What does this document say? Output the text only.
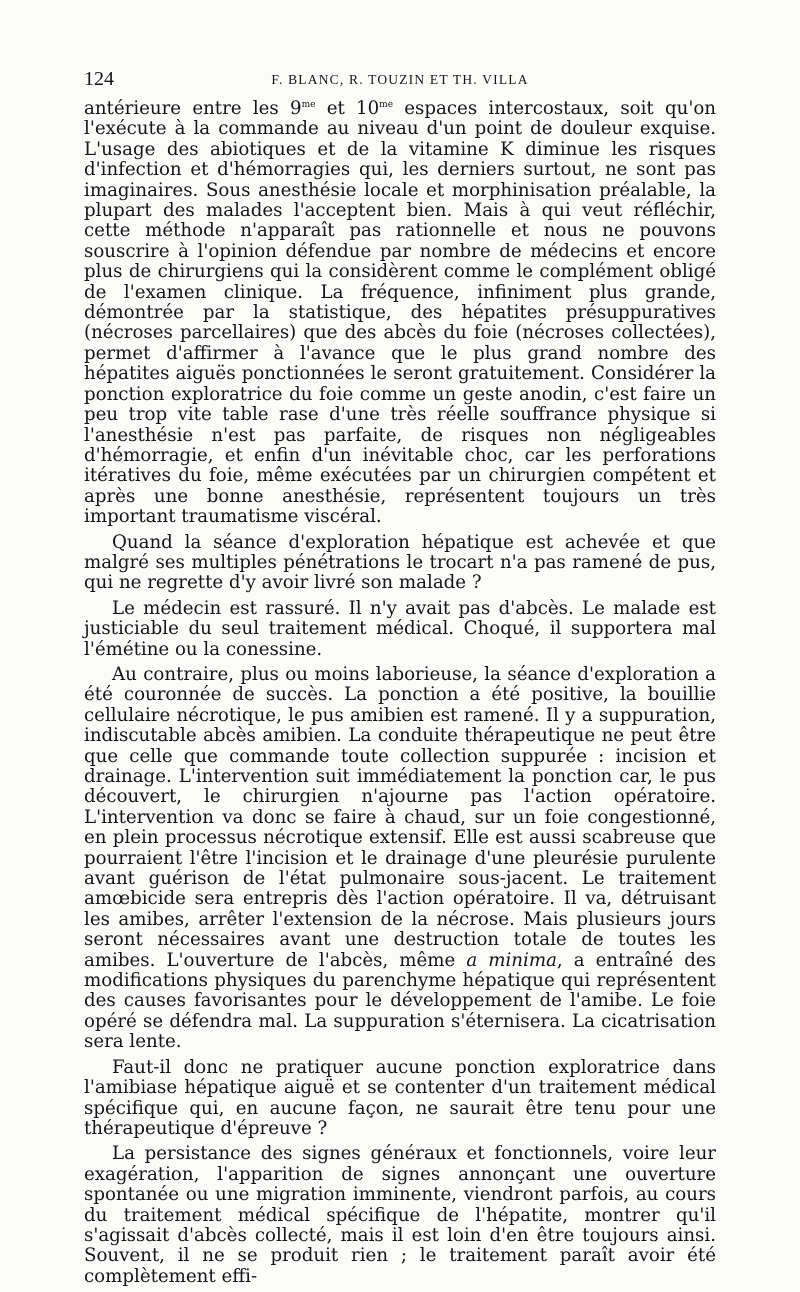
124	F. BLANC, R. TOUZIN ET TH. VILLA

antérieure entre les $9^{me}$ et $10^{me}$ espaces intercostaux, soit qu'on l'exécute à la commande au niveau d'un point de douleur exquise. L'usage des abiotiques et de la vitamine K diminue les risques d'infection et d'hémorragies qui, les derniers surtout, ne sont pas imaginaires. Sous anesthésie locale et morphinisation préalable, la plupart des malades l'acceptent bien. Mais à qui veut réfléchir, cette méthode n'apparaît pas rationnelle et nous ne pouvons souscrire à l'opinion défendue par nombre de médecins et encore plus de chirurgiens qui la considèrent comme le complément obligé de l'examen clinique. La fréquence, infiniment plus grande, démontrée par la statistique, des hépatites présuppuratives (nécroses parcellaires) que des abcès du foie (nécroses collectées), permet d'affirmer à l'avance que le plus grand nombre des hépatites aiguës ponctionnées le seront gratuitement. Considérer la ponction exploratrice du foie comme un geste anodin, c'est faire un peu trop vite table rase d'une très réelle souffrance physique si l'anesthésie n'est pas parfaite, de risques non négligeables d'hémorragie, et enfin d'un inévitable choc, car les perforations itératives du foie, même exécutées par un chirurgien compétent et après une bonne anesthésie, représentent toujours un très important traumatisme viscéral.

Quand la séance d'exploration hépatique est achevée et que malgré ses multiples pénétrations le trocart n'a pas ramené de pus, qui ne regrette d'y avoir livré son malade ?

Le médecin est rassuré. Il n'y avait pas d'abcès. Le malade est justiciable du seul traitement médical. Choqué, il supportera mal l'émétine ou la conessine.

Au contraire, plus ou moins laborieuse, la séance d'exploration a été couronnée de succès. La ponction a été positive, la bouillie cellulaire nécrotique, le pus amibien est ramené. Il y a suppuration, indiscutable abcès amibien. La conduite thérapeutique ne peut être que celle que commande toute collection suppurée : incision et drainage. L'intervention suit immédiatement la ponction car, le pus découvert, le chirurgien n'ajourne pas l'action opératoire. L'intervention va donc se faire à chaud, sur un foie congestionné, en plein processus nécrotique extensif. Elle est aussi scabreuse que pourraient l'être l'incision et le drainage d'une pleurésie purulente avant guérison de l'état pulmonaire sous-jacent. Le traitement amœbicide sera entrepris dès l'action opératoire. Il va, détruisant les amibes, arrêter l'extension de la nécrose. Mais plusieurs jours seront nécessaires avant une destruction totale de toutes les amibes. L'ouverture de l'abcès, même a minima, a entraîné des modifications physiques du parenchyme hépatique qui représentent des causes favorisantes pour le développement de l'amibe. Le foie opéré se défendra mal. La suppuration s'éternisera. La cicatrisation sera lente.

Faut-il donc ne pratiquer aucune ponction exploratrice dans l'amibiase hépatique aiguë et se contenter d'un traitement médical spécifique qui, en aucune façon, ne saurait être tenu pour une thérapeutique d'épreuve ?

La persistance des signes généraux et fonctionnels, voire leur exagération, l'apparition de signes annonçant une ouverture spontanée ou une migration imminente, viendront parfois, au cours du traitement médical spécifique de l'hépatite, montrer qu'il s'agissait d'abcès collecté, mais il est loin d'en être toujours ainsi. Souvent, il ne se produit rien ; le traitement paraît avoir été complètement effi-
